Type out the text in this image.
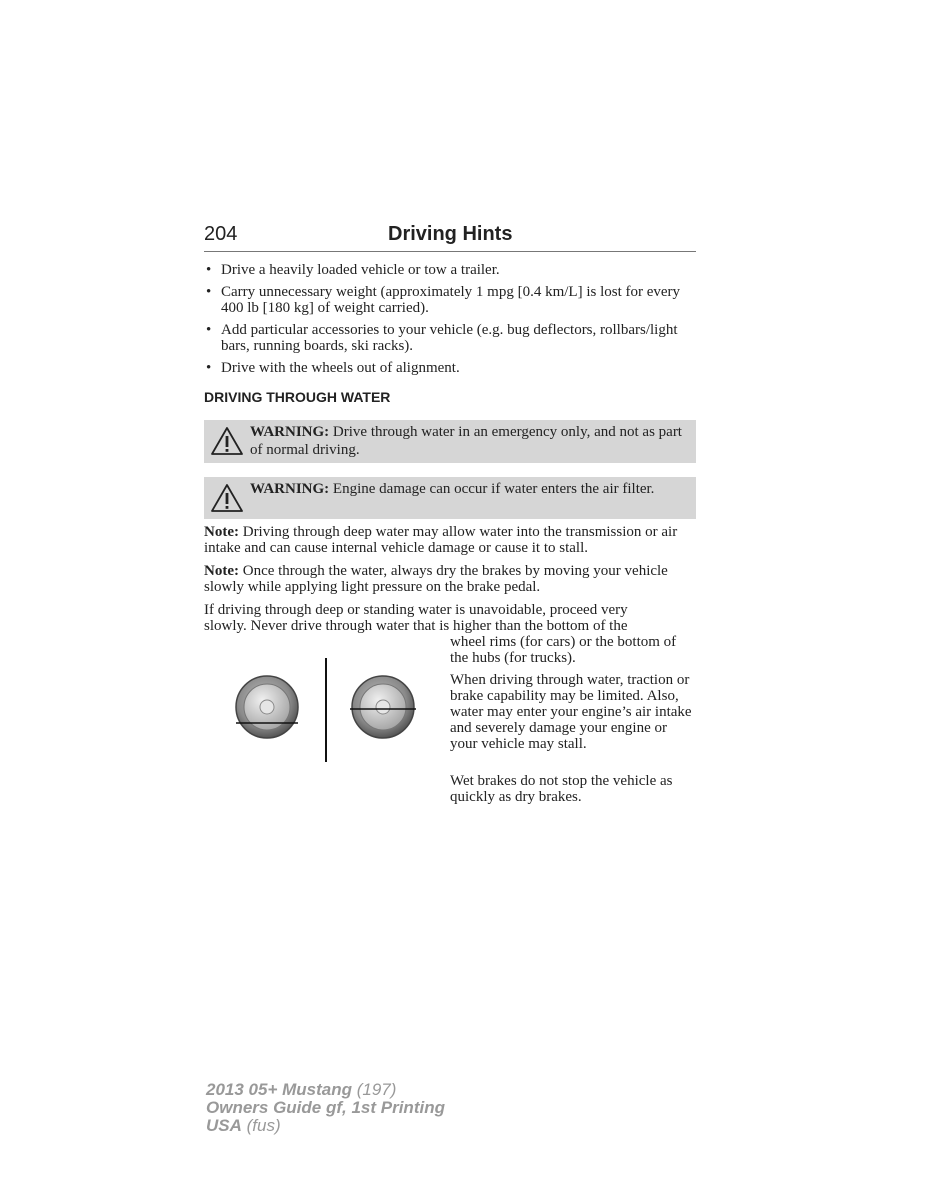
204	Driving Hints
• Drive a heavily loaded vehicle or tow a trailer.
• Carry unnecessary weight (approximately 1 mpg [0.4 km/L] is lost for every 400 lb [180 kg] of weight carried).
• Add particular accessories to your vehicle (e.g. bug deflectors, rollbars/light bars, running boards, ski racks).
• Drive with the wheels out of alignment.
DRIVING THROUGH WATER
WARNING: Drive through water in an emergency only, and not as part of normal driving.
WARNING: Engine damage can occur if water enters the air filter.

Note: Driving through deep water may allow water into the transmission or air intake and can cause internal vehicle damage or cause it to stall.

Note: Once through the water, always dry the brakes by moving your vehicle slowly while applying light pressure on the brake pedal.

If driving through deep or standing water is unavoidable, proceed very

slowly. Never drive through water that is higher than the bottom of the

wheel rims (for cars) or the bottom of the hubs (for trucks).

When driving through water, traction or brake capability may be limited. Also, water may enter your engine’s air intake and severely damage your engine or your vehicle may stall.

Wet brakes do not stop the vehicle as quickly as dry brakes.

2013 05+ Mustang (197)
Owners Guide gf, 1st Printing
USA (fus)
